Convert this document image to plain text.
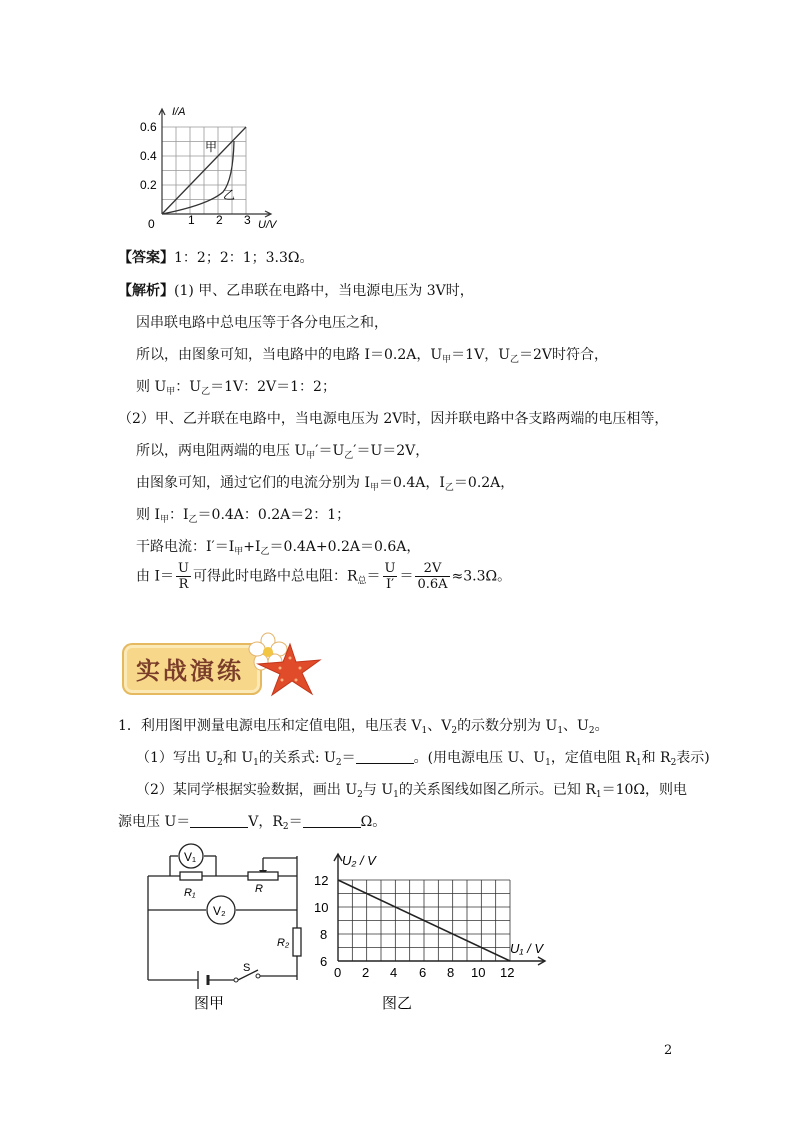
I/A
U/V
0.6
0.4
0.2
0	1 2 3
甲
乙
【答案】1：2；2：1；3.3Ω。
【解析】(1) 甲、乙串联在电路中，当电源电压为 3V时，
因串联电路中总电压等于各分电压之和，
所以，由图象可知，当电路中的电路 I＝0.2A，$U_甲=1V$，$U_乙=2V$时符合，
则 $U_甲$：$U_乙=1V$：2V＝1：2；
（2）甲、乙并联在电路中，当电源电压为 2V时，因并联电路中各支路两端的电压相等，
所以，两电阻两端的电压 $U_甲'=U_乙'=U=2V$，
由图象可知，通过它们的电流分别为 $I_甲=0.4A$，$I_乙=0.2A$，
则 $I_甲$：$I_乙=0.4A$：0.2A＝2：1；
干路电流：$I'=I_甲+I_乙=0.4A+0.2A=0.6A$，
由 $I= \frac{U}{R}$ 可得此时电路中总电阻：$R_总= \frac{U}{I'} = \frac{2V}{0.6A} \approx 3.3\Omega$。
实战演练
1．利用图甲测量电源电压和定值电阻，电压表 $V_1$、$V_2$的示数分别为 $U_1$、$U_2$。
（1）写出 $U_2$和 $U_1$的关系式: $U_2=$	。(用电源电压 U、$U_1$，定值电阻 $R_1$和 $R_2$表示)
（2）某同学根据实验数据，画出 $U_2$与 $U_1$的关系图线如图乙所示。已知 $R_1=10\Omega$，则电
源电压 U＝	V，$R_2=$	Ω。
V₁
V₂
R₁	R
R₂
S
图甲
U₂ / V
U₁ / V
12
10
8
6
0 2 4 6 8 10 12
图乙
2
